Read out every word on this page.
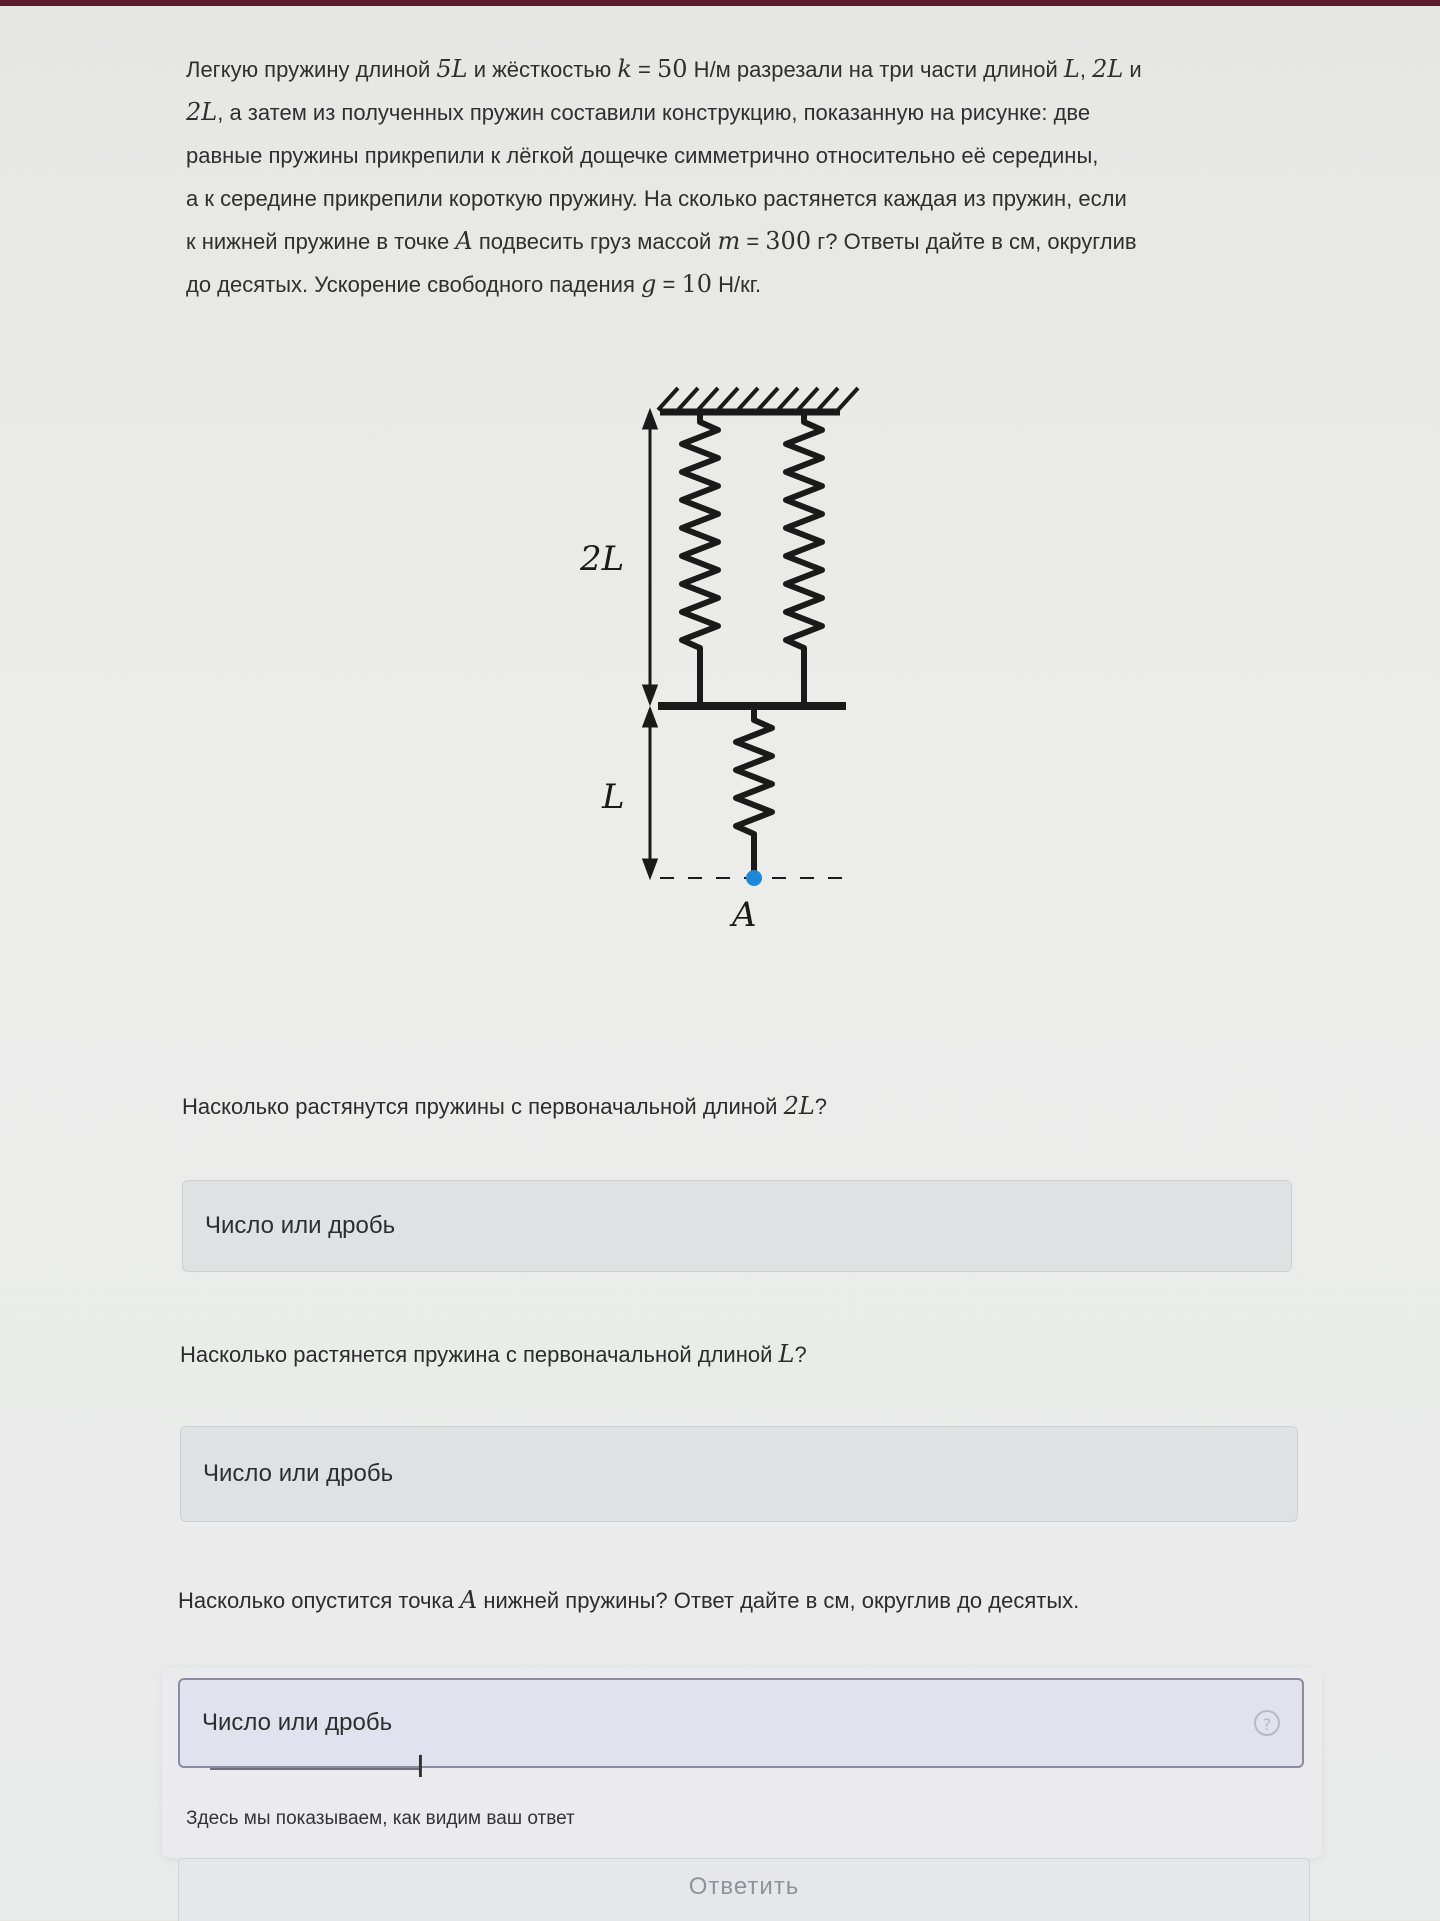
Легкую пружину длиной 5L и жёсткостью k = 50 Н/м разрезали на три части длиной L, 2L и
2L, а затем из полученных пружин составили конструкцию, показанную на рисунке: две
равные пружины прикрепили к лёгкой дощечке симметрично относительно её середины,
а к середине прикрепили короткую пружину. На сколько растянется каждая из пружин, если
к нижней пружине в точке A подвесить груз массой m = 300 г? Ответы дайте в см, округлив
до десятых. Ускорение свободного падения g = 10 Н/кг.
2L
L
A
Насколько растянутся пружины с первоначальной длиной 2L?
Число или дробь
Насколько растянется пружина с первоначальной длиной L?
Число или дробь
Насколько опустится точка A нижней пружины? Ответ дайте в см, округлив до десятых.
Число или дробь	?
I
Здесь мы показываем, как видим ваш ответ
Ответить
